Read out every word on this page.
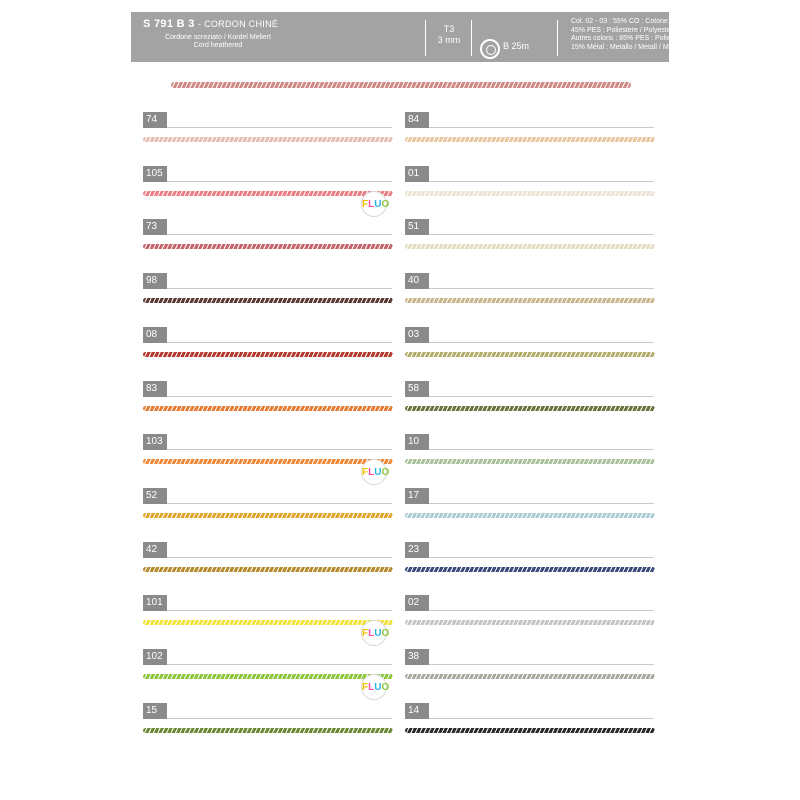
S 791 B 3 - CORDON CHINÉ
Cordone screziato / Kordel Meliert
Cord heathered
T3
3 mm
B 25m
Col. 02 - 03 : 55% CO : Cotone / Baumwolle / Cotton
45% PES : Poliestere / Polyester
Autres coloris : 85% PES : Poliestere / Polyester
15% Métal : Metallo / Metall / Metal
74
105
FLUO
73
98
08
83
103
FLUO
52
42
101
FLUO
102
FLUO
15
84
01
51
40
03
58
10
17
23
02
38
14
